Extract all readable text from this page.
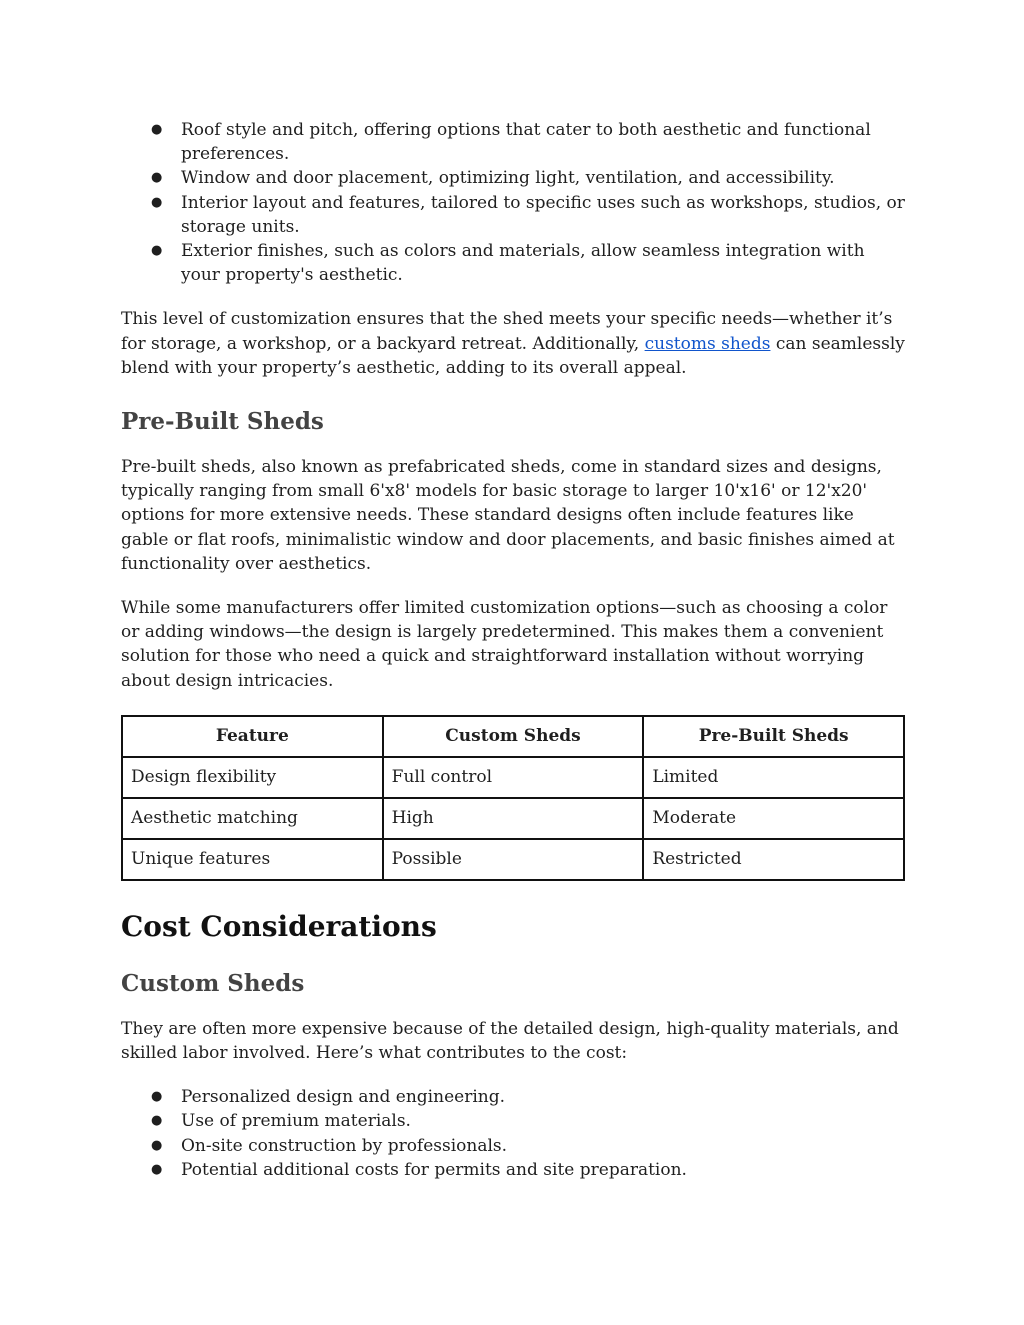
● Roof style and pitch, offering options that cater to both aesthetic and functional preferences.
● Window and door placement, optimizing light, ventilation, and accessibility.
● Interior layout and features, tailored to specific uses such as workshops, studios, or storage units.
● Exterior finishes, such as colors and materials, allow seamless integration with your property's aesthetic.

This level of customization ensures that the shed meets your specific needs—whether it’s for storage, a workshop, or a backyard retreat. Additionally, customs sheds can seamlessly blend with your property’s aesthetic, adding to its overall appeal.

Pre-Built Sheds

Pre-built sheds, also known as prefabricated sheds, come in standard sizes and designs, typically ranging from small 6'x8' models for basic storage to larger 10'x16' or 12'x20' options for more extensive needs. These standard designs often include features like gable or flat roofs, minimalistic window and door placements, and basic finishes aimed at functionality over aesthetics.

While some manufacturers offer limited customization options—such as choosing a color or adding windows—the design is largely predetermined. This makes them a convenient solution for those who need a quick and straightforward installation without worrying about design intricacies.

Feature	Custom Sheds	Pre-Built Sheds
Design flexibility	Full control	Limited
Aesthetic matching	High	Moderate
Unique features	Possible	Restricted
Cost Considerations
Custom Sheds

They are often more expensive because of the detailed design, high-quality materials, and skilled labor involved. Here’s what contributes to the cost:

● Personalized design and engineering.
● Use of premium materials.
● On-site construction by professionals.
● Potential additional costs for permits and site preparation.
